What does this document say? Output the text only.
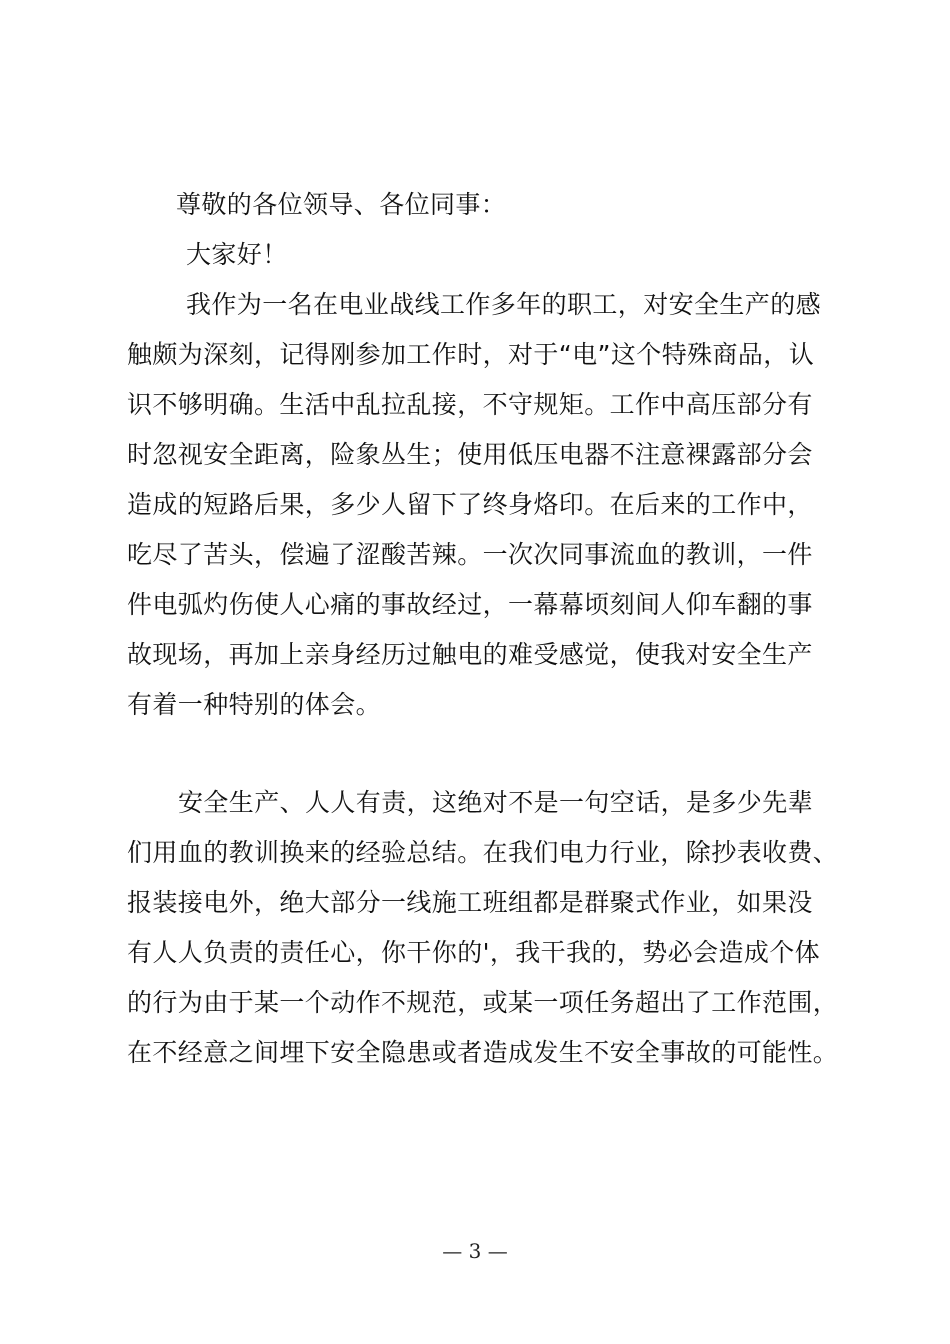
尊敬的各位领导、各位同事：
大家好！
我作为一名在电业战线工作多年的职工，对安全生产的感
触颇为深刻，记得刚参加工作时，对于“电”这个特殊商品，认
识不够明确。生活中乱拉乱接，不守规矩。工作中高压部分有
时忽视安全距离，险象丛生；使用低压电器不注意裸露部分会
造成的短路后果，多少人留下了终身烙印。在后来的工作中，
吃尽了苦头，偿遍了涩酸苦辣。一次次同事流血的教训，一件
件电弧灼伤使人心痛的事故经过，一幕幕顷刻间人仰车翻的事
故现场，再加上亲身经历过触电的难受感觉，使我对安全生产
有着一种特别的体会。
安全生产、人人有责，这绝对不是一句空话，是多少先辈
们用血的教训换来的经验总结。在我们电力行业，除抄表收费、
报装接电外，绝大部分一线施工班组都是群聚式作业，如果没
有人人负责的责任心，你干你的'，我干我的，势必会造成个体
的行为由于某一个动作不规范，或某一项任务超出了工作范围，
在不经意之间埋下安全隐患或者造成发生不安全事故的可能性。
— 3 —
